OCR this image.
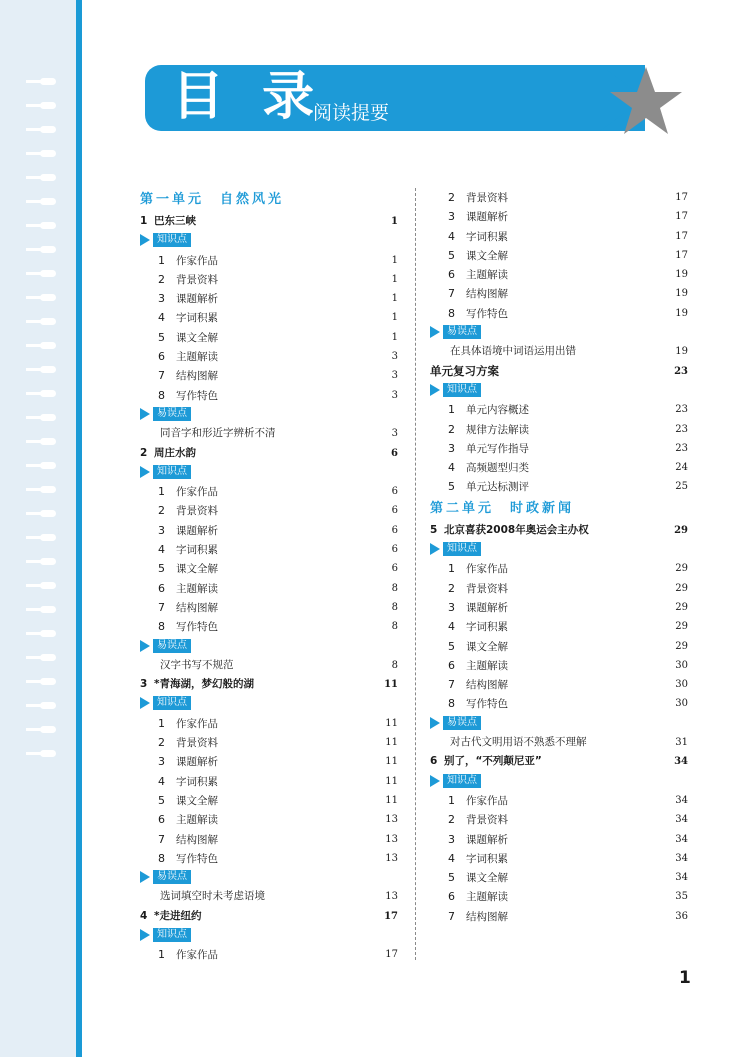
目 录
阅读提要
第一单元　自然风光
1 巴东三峡	1
知识点
1 作家作品	1
2 背景资料	1
3 课题解析	1
4 字词积累	1
5 课文全解	1
6 主题解读	3
7 结构图解	3
8 写作特色	3
易误点
同音字和形近字辨析不清	3
2 周庄水韵	6
知识点
1 作家作品	6
2 背景资料	6
3 课题解析	6
4 字词积累	6
5 课文全解	6
6 主题解读	8
7 结构图解	8
8 写作特色	8
易误点
汉字书写不规范	8
3 *青海湖，梦幻般的湖	11
知识点
1 作家作品	11
2 背景资料	11
3 课题解析	11
4 字词积累	11
5 课文全解	11
6 主题解读	13
7 结构图解	13
8 写作特色	13
易误点
选词填空时未考虑语境	13
4 *走进纽约	17
知识点
1 作家作品	17
2 背景资料	17
3 课题解析	17
4 字词积累	17
5 课文全解	17
6 主题解读	19
7 结构图解	19
8 写作特色	19
易误点
在具体语境中词语运用出错	19
单元复习方案	23
知识点
1 单元内容概述	23
2 规律方法解读	23
3 单元写作指导	23
4 高频题型归类	24
5 单元达标测评	25
第二单元　时政新闻
5 北京喜获2008年奥运会主办权	29
知识点
1 作家作品	29
2 背景资料	29
3 课题解析	29
4 字词积累	29
5 课文全解	29
6 主题解读	30
7 结构图解	30
8 写作特色	30
易误点
对古代文明用语不熟悉不理解	31
6 别了，“不列颠尼亚”	34
知识点
1 作家作品	34
2 背景资料	34
3 课题解析	34
4 字词积累	34
5 课文全解	34
6 主题解读	35
7 结构图解	36
1
